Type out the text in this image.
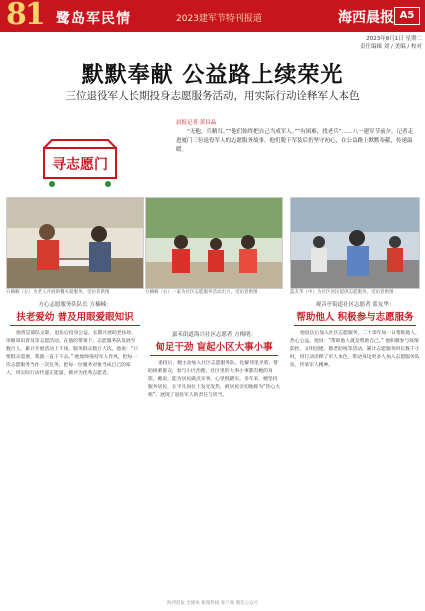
81 鹭岛军民情	2023建军节特刊报道	海西晨报 A5
2023年8月1日 星期二
责任编辑 刘 / 美编 / 校对
默默奉献 公益路上续荣光
三位退役军人长期投身志愿服务活动，用实际行动诠释军人本色
寻志愿门
晨报记者 黄昌晶
“无他，兵精耳。”“他们始终把自己当成军人。”“有困难，找老兵”……八一建军节前夕，记者走进厦门三位退役军人的志愿服务故事，他们脱下军装后仍坚守初心，在公益路上默默奉献，传递温暖。
方楠楠（左）为老人开展助餐关爱服务。受访者供图	方楠楠（右）一家为社区志愿服务活动出力。受访者供图	蓝友华（中）为社区居民提供志愿服务。受访者供图
方心志愿服务队队长 方楠楠：
扶老爱幼 普及用眼爱眼知识

他曾是部队文职，退伍后投身公益，长期开展助老扶幼、用眼知识普及等志愿活动。在他的带领下，志愿服务队发展至数百人，累计开展活动上千场，服务群众数万人次。他说：“只要群众需要，我就一直干下去。” 他始终保持军人作风，把每一次志愿服务当作一次任务，把每一位服务对象当成自己的家人，用实际行动传递正能量，被评为优秀志愿者。

嘉禾街道海兴社区志愿者 方梅明：
甸足干劲 盲起小区大事小事

退役后，她主动加入社区志愿服务队，化解邻里矛盾，帮助困难群众，参与小区治理，社区里的大事小事都有她的身影。她说，能为居民做点实事，心里很踏实。多年来，她坚持服务居民，在平凡岗位上发光发热，被居民亲切地称为“热心大姐”，展现了退役军人的责任与担当。

观音亭街道社区志愿者 蓝友华：
帮助他人 积极参与志愿服务

他退伍后加入社区志愿服务，二十余年如一日帮助他人，热心公益。他说：“帮助他人就是帮助自己。” 他积极参与疫情防控、文明创建、敬老助残等活动，累计志愿服务时长数千小时，用行动诠释了军人本色，带动身边更多人加入志愿服务队伍，传承军人精神。

海西晨报 全媒体 新闻热线 客户端 微信公众号
